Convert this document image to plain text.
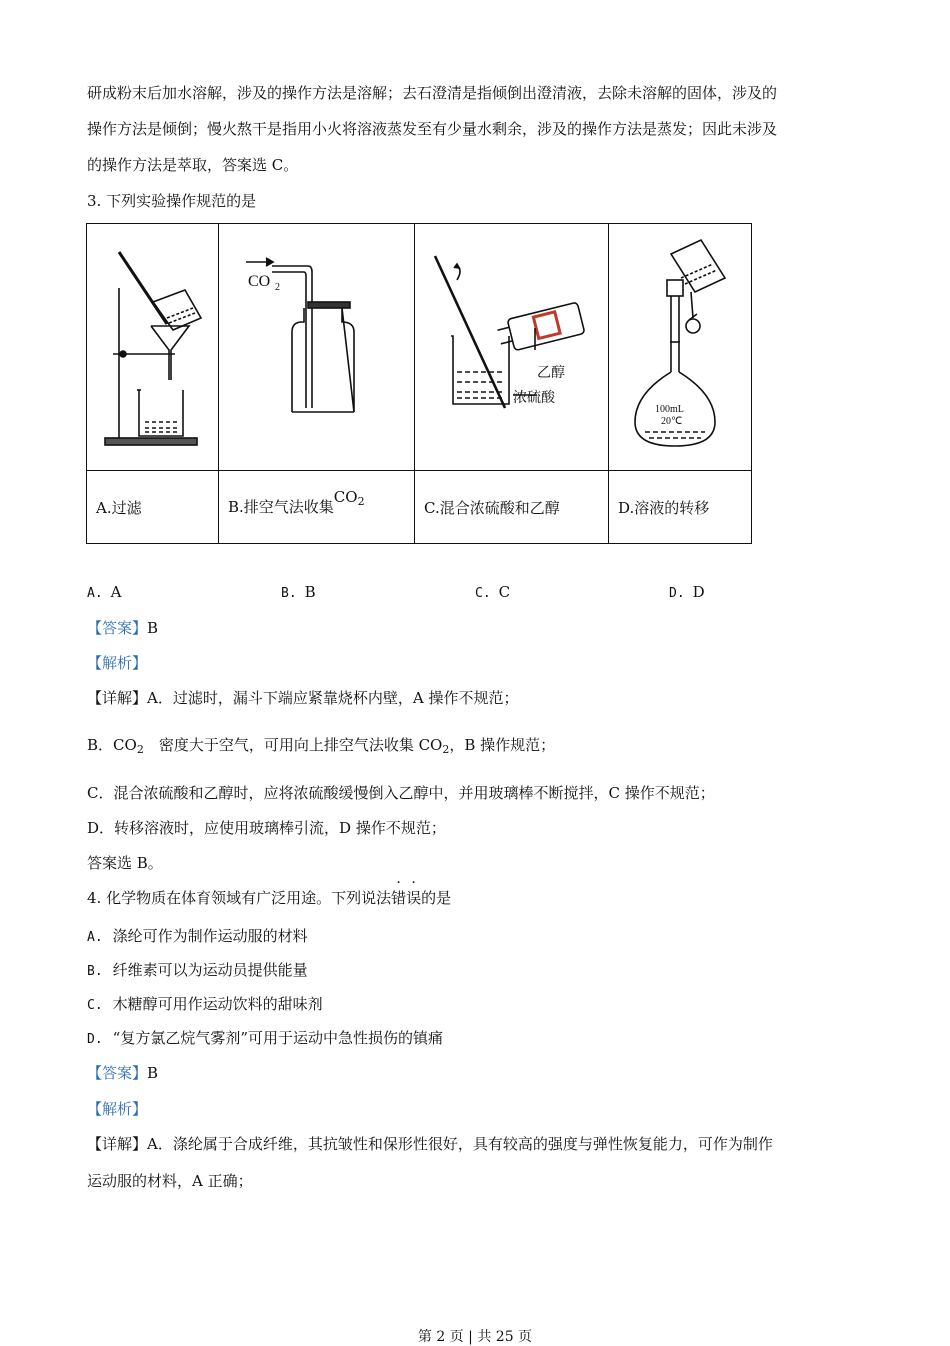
研成粉末后加水溶解，涉及的操作方法是溶解；去石澄清是指倾倒出澄清液，去除未溶解的固体，涉及的
操作方法是倾倒；慢火熬干是指用小火将溶液蒸发至有少量水剩余，涉及的操作方法是蒸发；因此未涉及
的操作方法是萃取，答案选 C。
3. 下列实验操作规范的是

CO 2	乙醇
浓硫酸	100mL
20℃

A.过滤	B.排空气法收集$CO_2$	C.混合浓硫酸和乙醇	D.溶液的转移
A. A	B. B	C. C	D. D
【答案】B
【解析】
【详解】A．过滤时，漏斗下端应紧靠烧杯内壁，A 操作不规范；
B．$CO_2$　密度大于空气，可用向上排空气法收集 $CO_2$，B 操作规范；
C．混合浓硫酸和乙醇时，应将浓硫酸缓慢倒入乙醇中，并用玻璃棒不断搅拌，C 操作不规范；
D．转移溶液时，应使用玻璃棒引流，D 操作不规范；
答案选 B。
4. 化学物质在体育领域有广泛用途。下列说法错误的是
A. 涤纶可作为制作运动服的材料
B. 纤维素可以为运动员提供能量
C. 木糖醇可用作运动饮料的甜味剂
D. “复方氯乙烷气雾剂”可用于运动中急性损伤的镇痛
【答案】B
【解析】
【详解】A．涤纶属于合成纤维，其抗皱性和保形性很好，具有较高的强度与弹性恢复能力，可作为制作
运动服的材料，A 正确；
第 2 页 | 共 25 页
